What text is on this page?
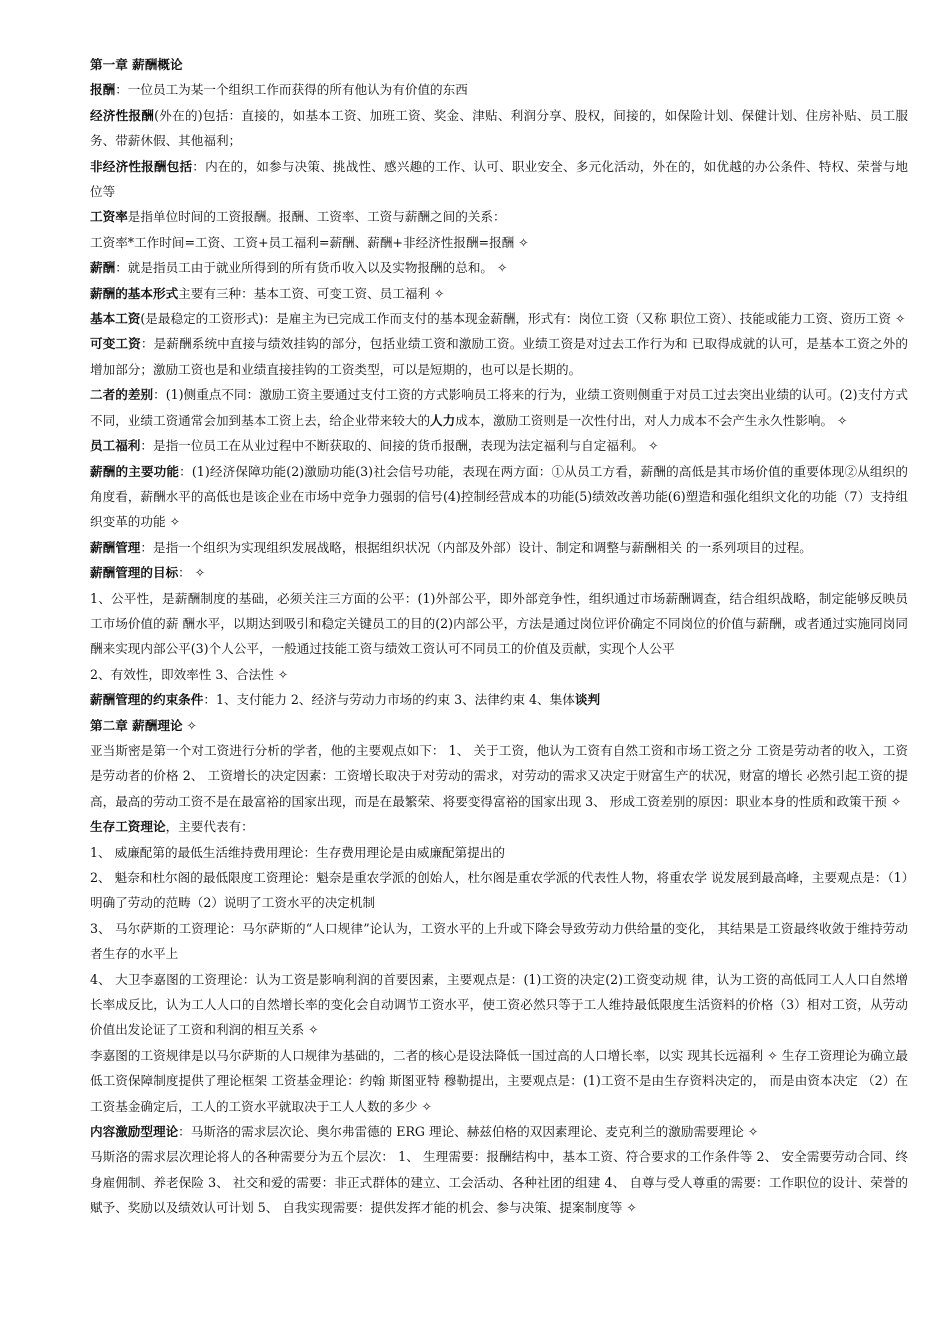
第一章 薪酬概论

报酬：一位员工为某一个组织工作而获得的所有他认为有价值的东西

经济性报酬(外在的)包括：直接的，如基本工资、加班工资、奖金、津贴、利润分享、股权，间接的，如保险计划、保健计划、住房补贴、员工服务、带薪休假、其他福利；

非经济性报酬包括：内在的，如参与决策、挑战性、感兴趣的工作、认可、职业安全、多元化活动，外在的，如优越的办公条件、特权、荣誉与地位等

工资率是指单位时间的工资报酬。报酬、工资率、工资与薪酬之间的关系：

工资率*工作时间=工资、工资+员工福利=薪酬、薪酬+非经济性报酬=报酬 ✧

薪酬：就是指员工由于就业所得到的所有货币收入以及实物报酬的总和。 ✧

薪酬的基本形式主要有三种：基本工资、可变工资、员工福利 ✧

基本工资(是最稳定的工资形式)：是雇主为已完成工作而支付的基本现金薪酬，形式有：岗位工资（又称 职位工资）、技能或能力工资、资历工资 ✧

可变工资：是薪酬系统中直接与绩效挂钩的部分，包括业绩工资和激励工资。业绩工资是对过去工作行为和 已取得成就的认可，是基本工资之外的增加部分；激励工资也是和业绩直接挂钩的工资类型，可以是短期的，也可以是长期的。

二者的差别：(1)侧重点不同：激励工资主要通过支付工资的方式影响员工将来的行为，业绩工资则侧重于对员工过去突出业绩的认可。(2)支付方式不同，业绩工资通常会加到基本工资上去，给企业带来较大的人力成本，激励工资则是一次性付出，对人力成本不会产生永久性影响。 ✧

员工福利：是指一位员工在从业过程中不断获取的、间接的货币报酬，表现为法定福利与自定福利。 ✧

薪酬的主要功能：(1)经济保障功能(2)激励功能(3)社会信号功能，表现在两方面：①从员工方看，薪酬的高低是其市场价值的重要体现②从组织的角度看，薪酬水平的高低也是该企业在市场中竞争力强弱的信号(4)控制经营成本的功能(5)绩效改善功能(6)塑造和强化组织文化的功能（7）支持组织变革的功能 ✧

薪酬管理：是指一个组织为实现组织发展战略，根据组织状况（内部及外部）设计、制定和调整与薪酬相关 的一系列项目的过程。

薪酬管理的目标： ✧

1、公平性，是薪酬制度的基础，必须关注三方面的公平：(1)外部公平，即外部竞争性，组织通过市场薪酬调查，结合组织战略，制定能够反映员工市场价值的薪 酬水平，以期达到吸引和稳定关键员工的目的(2)内部公平，方法是通过岗位评价确定不同岗位的价值与薪酬，或者通过实施同岗同酬来实现内部公平(3)个人公平，一般通过技能工资与绩效工资认可不同员工的价值及贡献，实现个人公平

2、有效性，即效率性 3、合法性 ✧

薪酬管理的约束条件：1、支付能力 2、经济与劳动力市场的约束 3、法律约束 4、集体谈判

第二章 薪酬理论 ✧

亚当斯密是第一个对工资进行分析的学者，他的主要观点如下： 1、 关于工资，他认为工资有自然工资和市场工资之分 工资是劳动者的收入，工资是劳动者的价格 2、 工资增长的决定因素：工资增长取决于对劳动的需求，对劳动的需求又决定于财富生产的状况，财富的增长 必然引起工资的提高，最高的劳动工资不是在最富裕的国家出现，而是在最繁荣、将要变得富裕的国家出现 3、 形成工资差别的原因：职业本身的性质和政策干预 ✧

生存工资理论，主要代表有：

1、 威廉配第的最低生活维持费用理论：生存费用理论是由威廉配第提出的

2、 魁奈和杜尔阁的最低限度工资理论：魁奈是重农学派的创始人，杜尔阁是重农学派的代表性人物，将重农学 说发展到最高峰，主要观点是：（1）明确了劳动的范畴（2）说明了工资水平的决定机制

3、 马尔萨斯的工资理论：马尔萨斯的“人口规律”论认为，工资水平的上升或下降会导致劳动力供给量的变化， 其结果是工资最终收敛于维持劳动者生存的水平上

4、 大卫李嘉图的工资理论：认为工资是影响利润的首要因素，主要观点是：(1)工资的决定(2)工资变动规 律，认为工资的高低同工人人口自然增长率成反比，认为工人人口的自然增长率的变化会自动调节工资水平，使工资必然只等于工人维持最低限度生活资料的价格（3）相对工资，从劳动价值出发论证了工资和利润的相互关系 ✧

李嘉图的工资规律是以马尔萨斯的人口规律为基础的，二者的核心是设法降低一国过高的人口增长率，以实 现其长远福利 ✧ 生存工资理论为确立最低工资保障制度提供了理论框架 工资基金理论：约翰 斯图亚特 穆勒提出，主要观点是：(1)工资不是由生存资料决定的， 而是由资本决定 （2）在工资基金确定后，工人的工资水平就取决于工人人数的多少 ✧

内容激励型理论：马斯洛的需求层次论、奥尔弗雷德的 ERG 理论、赫兹伯格的双因素理论、麦克利兰的激励需要理论 ✧

马斯洛的需求层次理论将人的各种需要分为五个层次： 1、 生理需要：报酬结构中，基本工资、符合要求的工作条件等 2、 安全需要劳动合同、终身雇佣制、养老保险 3、 社交和爱的需要：非正式群体的建立、工会活动、各种社团的组建 4、 自尊与受人尊重的需要：工作职位的设计、荣誉的赋予、奖励以及绩效认可计划 5、 自我实现需要：提供发挥才能的机会、参与决策、提案制度等 ✧
